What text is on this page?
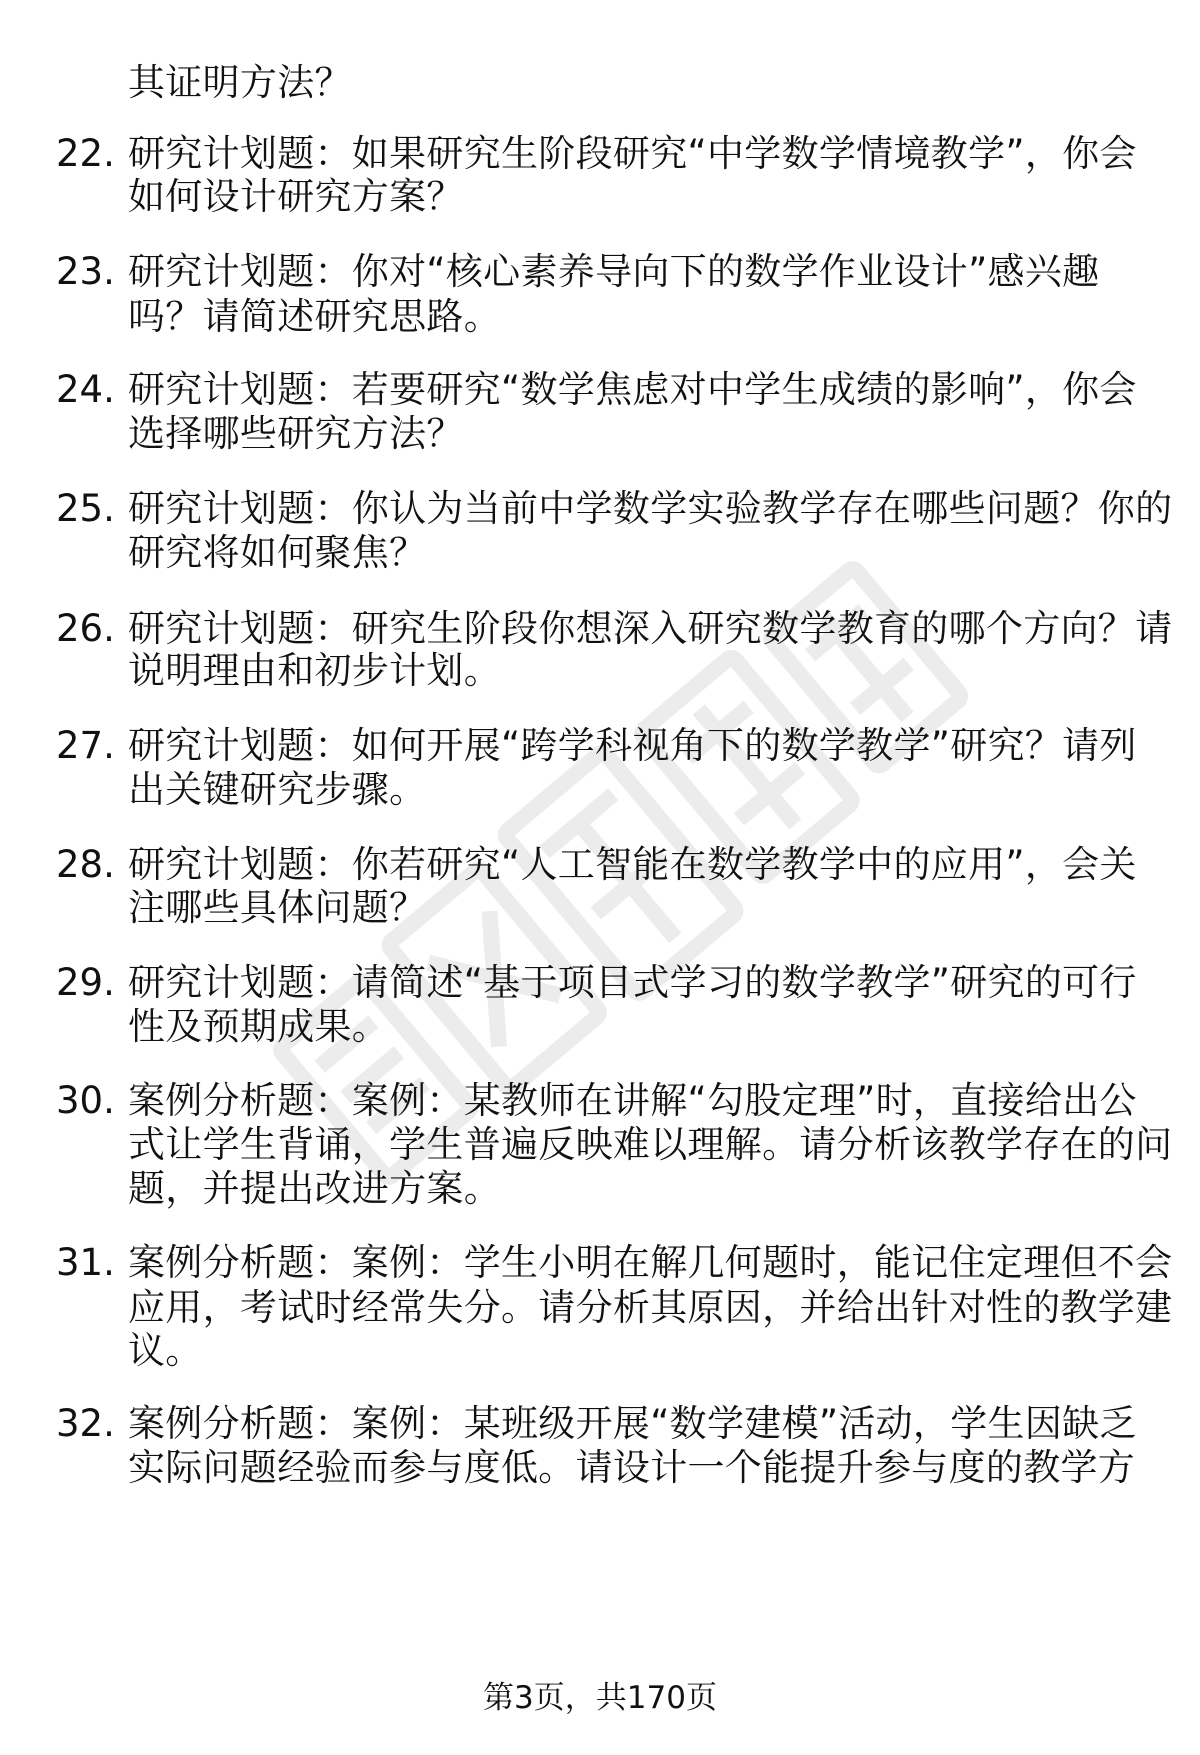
其证明方法？
22. 研究计划题：如果研究生阶段研究“中学数学情境教学”，你会
如何设计研究方案？
23. 研究计划题：你对“核心素养导向下的数学作业设计”感兴趣
吗？请简述研究思路。
24. 研究计划题：若要研究“数学焦虑对中学生成绩的影响”，你会
选择哪些研究方法？
25. 研究计划题：你认为当前中学数学实验教学存在哪些问题？你的
研究将如何聚焦？
26. 研究计划题：研究生阶段你想深入研究数学教育的哪个方向？请
说明理由和初步计划。
27. 研究计划题：如何开展“跨学科视角下的数学教学”研究？请列
出关键研究步骤。
28. 研究计划题：你若研究“人工智能在数学教学中的应用”，会关
注哪些具体问题？
29. 研究计划题：请简述“基于项目式学习的数学教学”研究的可行
性及预期成果。
30. 案例分析题：案例：某教师在讲解“勾股定理”时，直接给出公
式让学生背诵，学生普遍反映难以理解。请分析该教学存在的问
题，并提出改进方案。
31. 案例分析题：案例：学生小明在解几何题时，能记住定理但不会
应用，考试时经常失分。请分析其原因，并给出针对性的教学建
议。
32. 案例分析题：案例：某班级开展“数学建模”活动，学生因缺乏
实际问题经验而参与度低。请设计一个能提升参与度的教学方
第3页，共170页
